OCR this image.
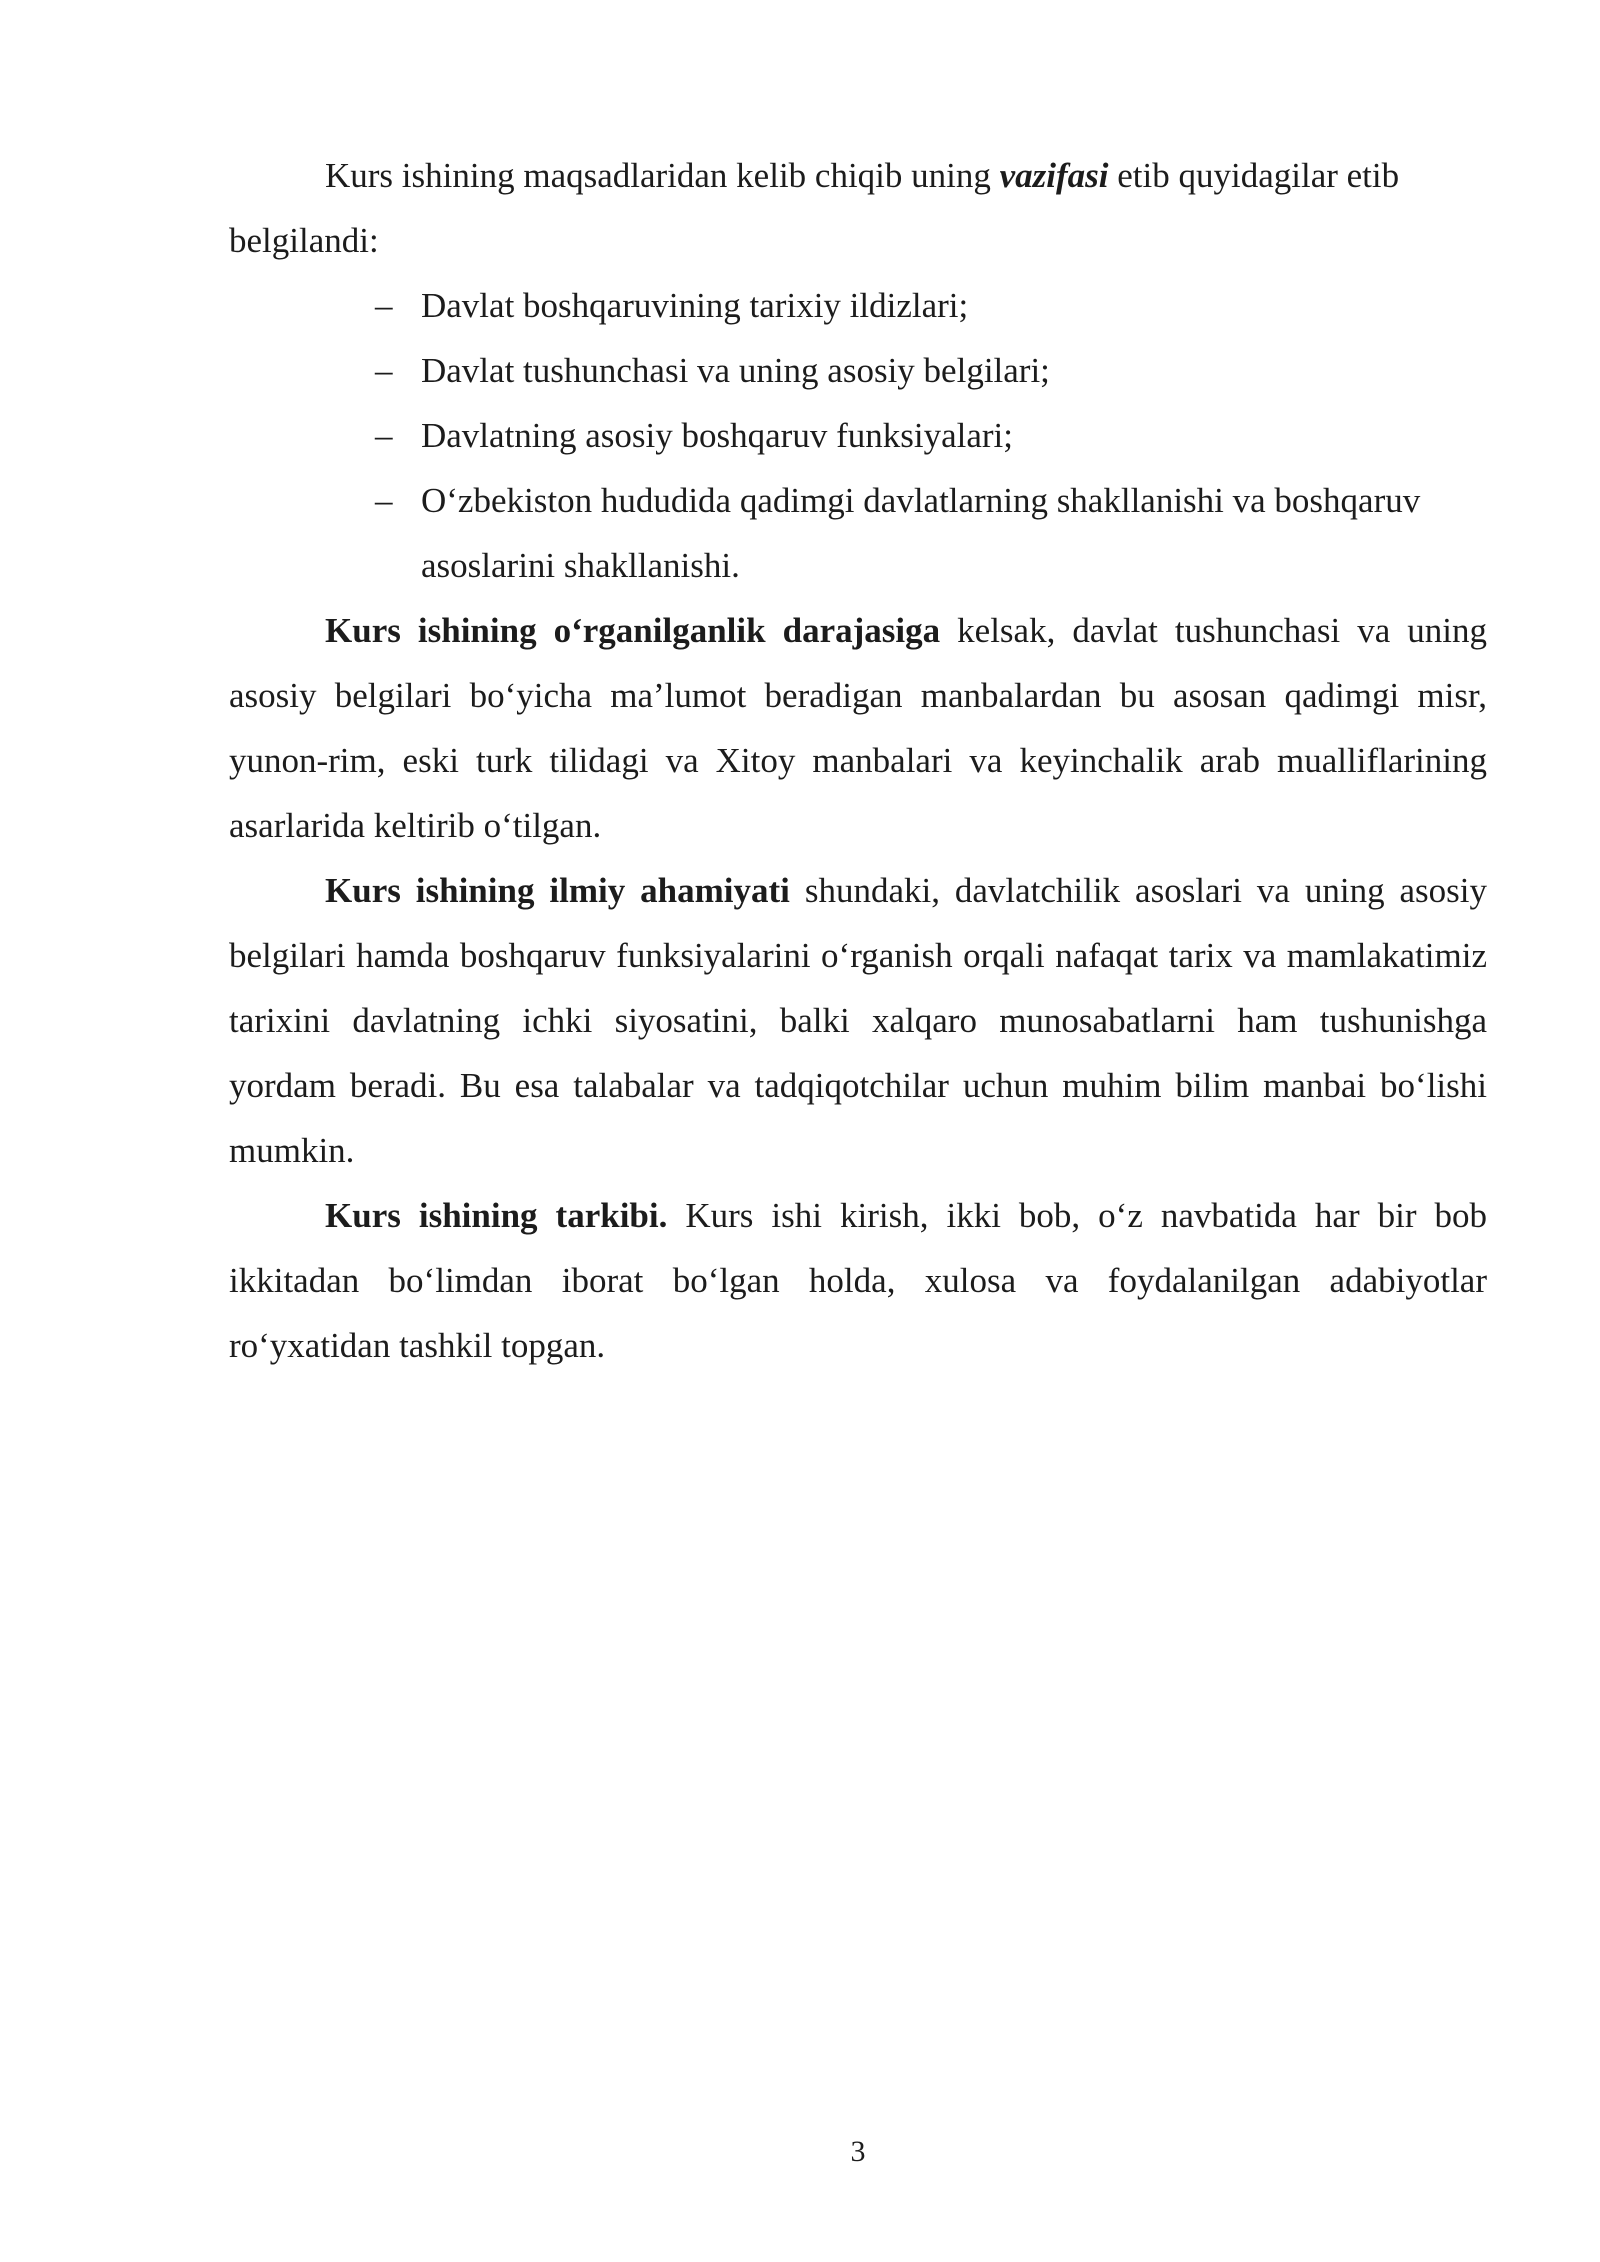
Kurs ishining maqsadlaridan kelib chiqib uning vazifasi etib quyidagilar etib belgilandi:

– Davlat boshqaruvining tarixiy ildizlari;
– Davlat tushunchasi va uning asosiy belgilari;
– Davlatning asosiy boshqaruv funksiyalari;
– O‘zbekiston hududida qadimgi davlatlarning shakllanishi va boshqaruv asoslarini shakllanishi.

Kurs ishining o‘rganilganlik darajasiga kelsak, davlat tushunchasi va uning asosiy belgilari bo‘yicha ma’lumot beradigan manbalardan bu asosan qadimgi misr, yunon-rim, eski turk tilidagi va Xitoy manbalari va keyinchalik arab mualliflarining asarlarida keltirib o‘tilgan.

Kurs ishining ilmiy ahamiyati shundaki, davlatchilik asoslari va uning asosiy belgilari hamda boshqaruv funksiyalarini o‘rganish orqali nafaqat tarix va mamlakatimiz tarixini davlatning ichki siyosatini, balki xalqaro munosabatlarni ham tushunishga yordam beradi. Bu esa talabalar va tadqiqotchilar uchun muhim bilim manbai bo‘lishi mumkin.

Kurs ishining tarkibi. Kurs ishi kirish, ikki bob, o‘z navbatida har bir bob ikkitadan bo‘limdan iborat bo‘lgan holda, xulosa va foydalanilgan adabiyotlar ro‘yxatidan tashkil topgan.

3
